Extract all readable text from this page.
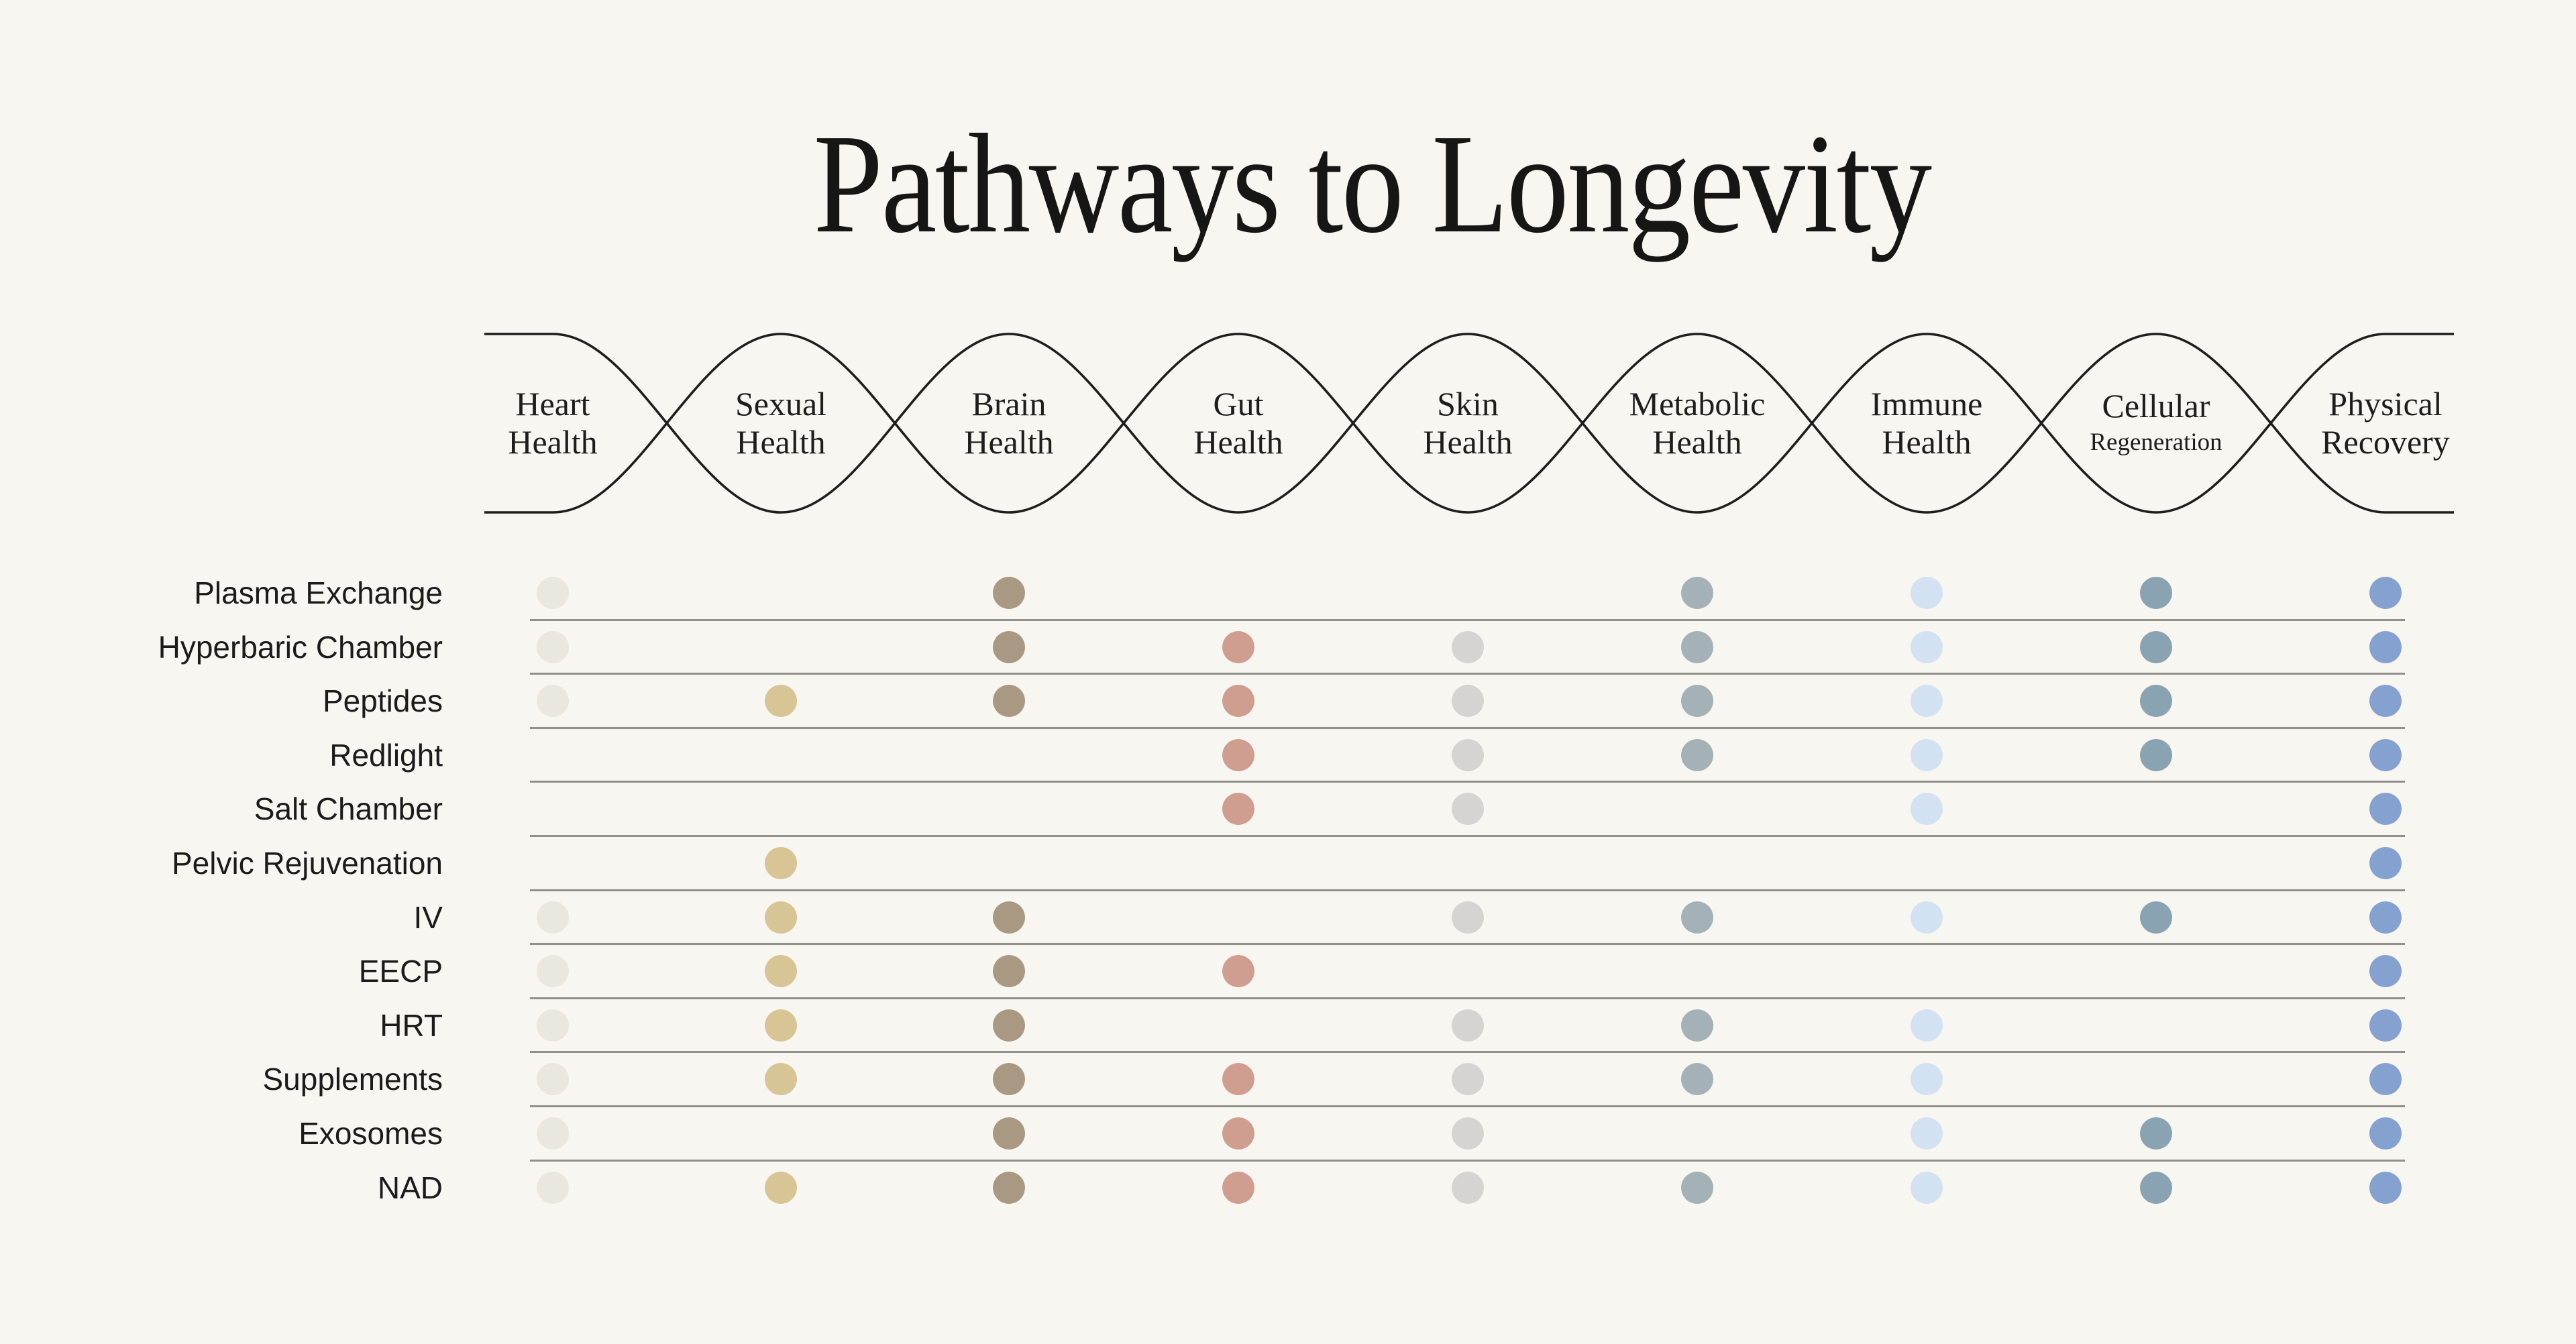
Pathways to Longevity
Heart
Health
Sexual
Health
Brain
Health
Gut
Health
Skin
Health
Metabolic
Health
Immune
Health
Cellular
Regeneration
Physical
Recovery
Plasma Exchange
Hyperbaric Chamber
Peptides
Redlight
Salt Chamber
Pelvic Rejuvenation
IV
EECP
HRT
Supplements
Exosomes
NAD
